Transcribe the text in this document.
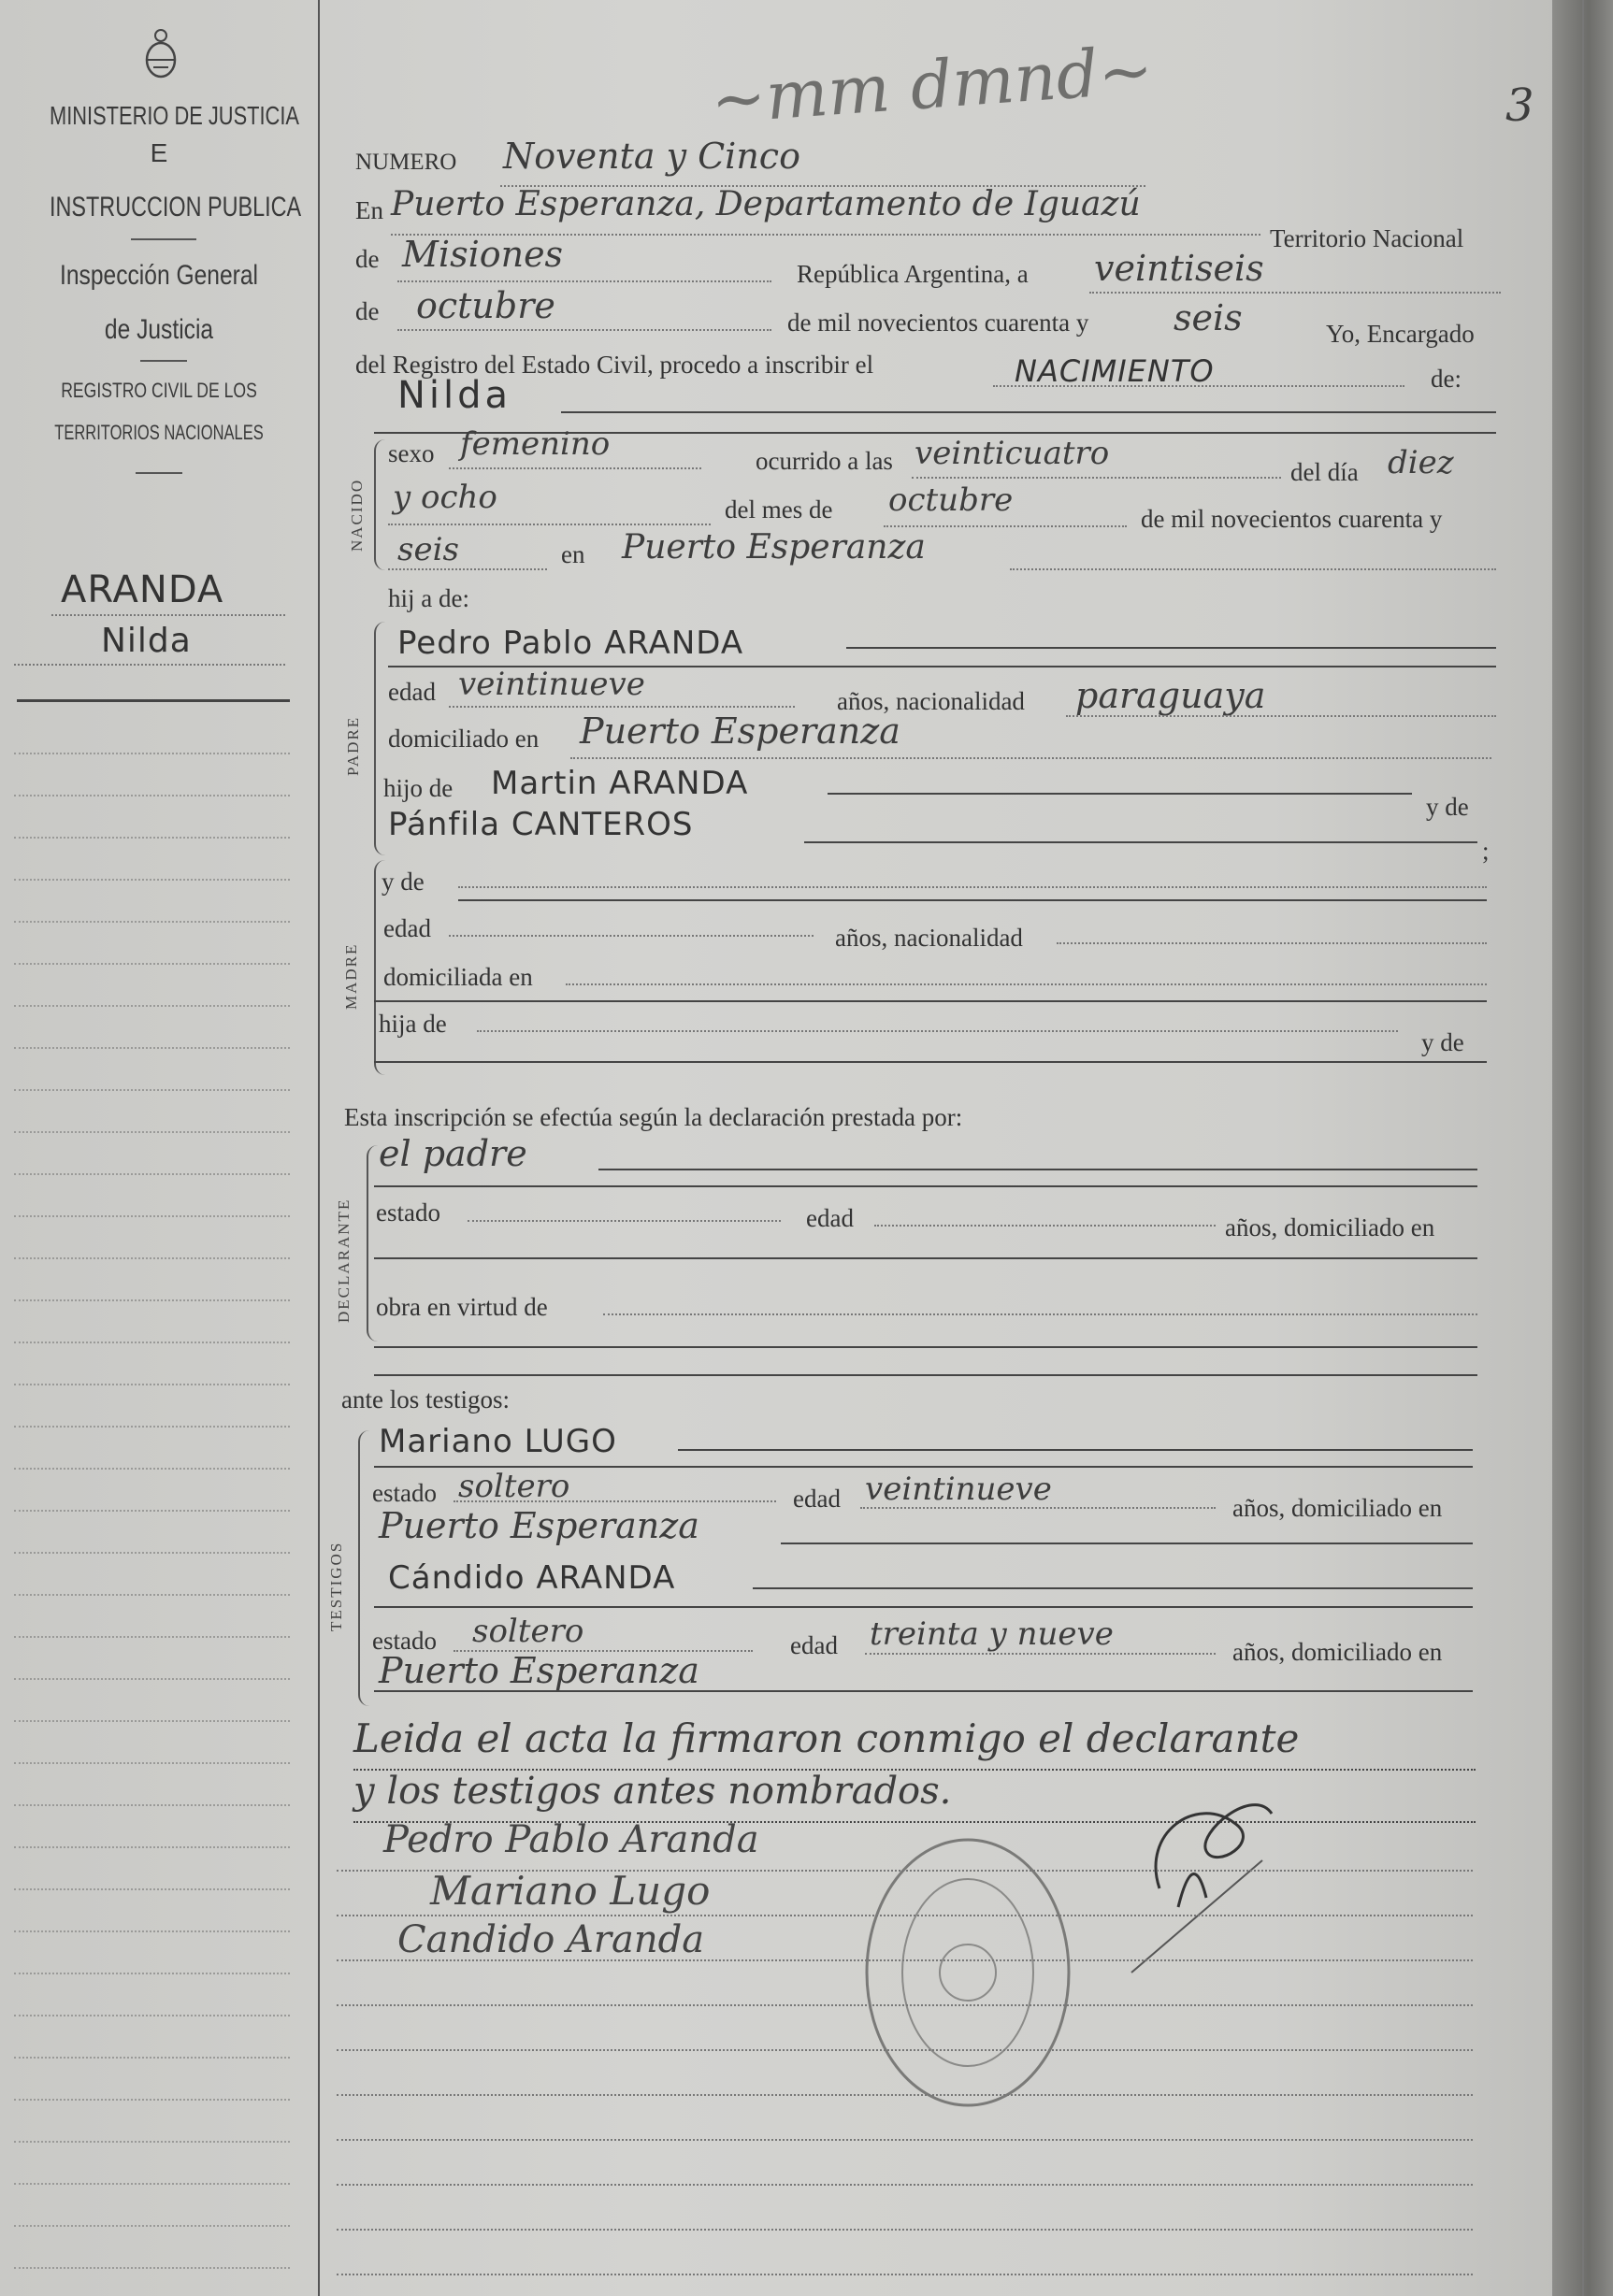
MINISTERIO DE JUSTICIA
E
INSTRUCCION PUBLICA
Inspección General
de Justicia
REGISTRO CIVIL DE LOS
TERRITORIOS NACIONALES
ARANDA
Nilda
~mm dmnd~	3
NUMERO Noventa y Cinco
En Puerto Esperanza, Departamento de Iguazú
Territorio Nacional
de Misiones	República Argentina, a veintiseis
de octubre	de mil novecientos cuarenta y seis	Yo, Encargado
del Registro del Estado Civil, procedo a inscribir el	NACIMIENTO	de:
Nilda
NACIDO
sexo femenino	ocurrido a las veinticuatro	del día diez
y ocho	del mes de octubre	de mil novecientos cuarenta y
seis	en Puerto Esperanza
hij a de:
PADRE
Pedro Pablo ARANDA
edad veintinueve	años, nacionalidad paraguaya
domiciliado en Puerto Esperanza
hijo de Martin ARANDA
y de
Pánfila CANTEROS
;
MADRE
y de
edad	años, nacionalidad
domiciliada en
hija de
y de
Esta inscripción se efectúa según la declaración prestada por:
DECLARANTE
el padre
estado	edad	años, domiciliado en
obra en virtud de
ante los testigos:
TESTIGOS
Mariano LUGO
estado soltero	edad veintinueve	años, domiciliado en
Puerto Esperanza
Cándido ARANDA
estado soltero	edad treinta y nueve	años, domiciliado en
Puerto Esperanza
Leida el acta la firmaron conmigo el declarante
y los testigos antes nombrados.
Pedro Pablo Aranda
Mariano Lugo
Candido Aranda
